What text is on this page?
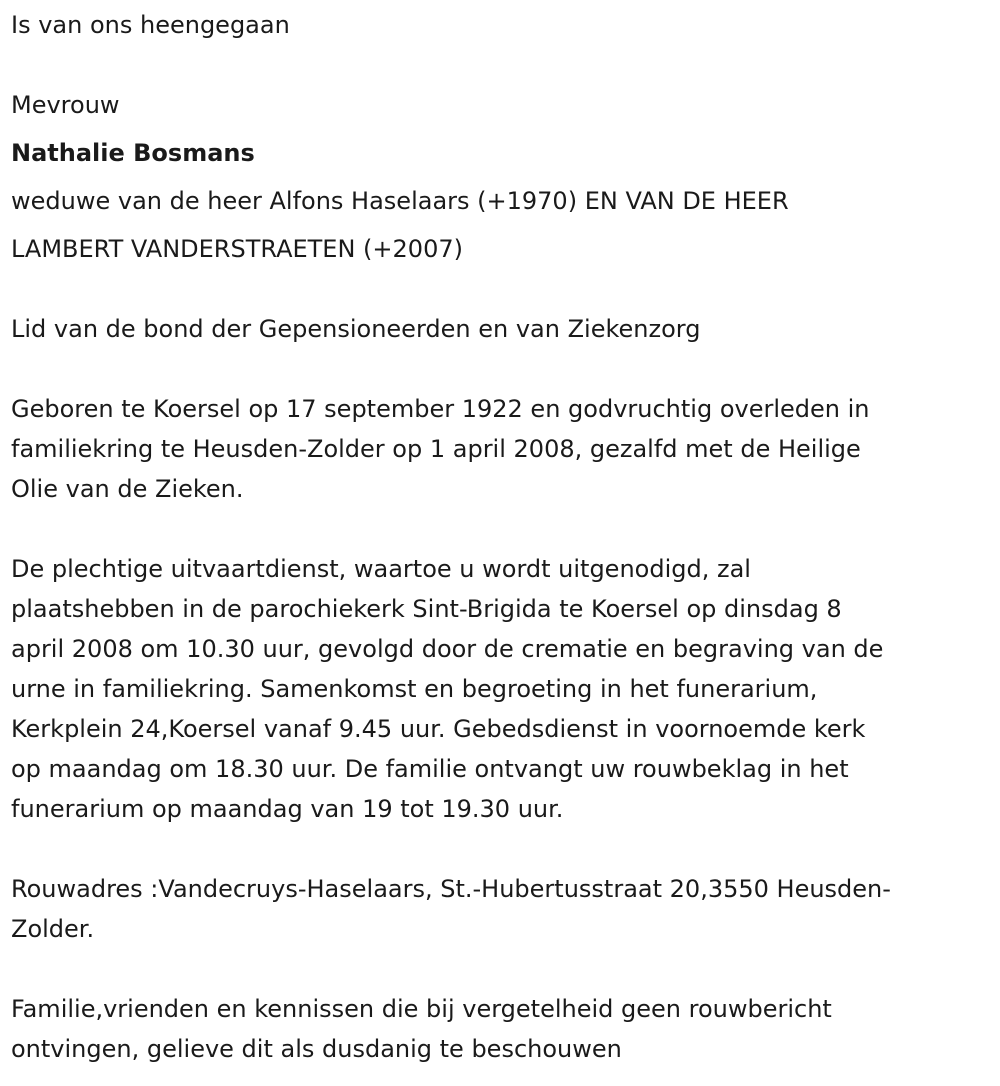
Is van ons heengegaan
Mevrouw
Nathalie Bosmans
weduwe van de heer Alfons Haselaars (+1970) EN VAN DE HEER
LAMBERT VANDERSTRAETEN (+2007)
Lid van de bond der Gepensioneerden en van Ziekenzorg
Geboren te Koersel op 17 september 1922 en godvruchtig overleden in
familiekring te Heusden-Zolder op 1 april 2008, gezalfd met de Heilige
Olie van de Zieken.
De plechtige uitvaartdienst, waartoe u wordt uitgenodigd, zal
plaatshebben in de parochiekerk Sint-Brigida te Koersel op dinsdag 8
april 2008 om 10.30 uur, gevolgd door de crematie en begraving van de
urne in familiekring. Samenkomst en begroeting in het funerarium,
Kerkplein 24,Koersel vanaf 9.45 uur. Gebedsdienst in voornoemde kerk
op maandag om 18.30 uur. De familie ontvangt uw rouwbeklag in het
funerarium op maandag van 19 tot 19.30 uur.
Rouwadres :Vandecruys-Haselaars, St.-Hubertusstraat 20,3550 Heusden-
Zolder.
Familie,vrienden en kennissen die bij vergetelheid geen rouwbericht
ontvingen, gelieve dit als dusdanig te beschouwen
